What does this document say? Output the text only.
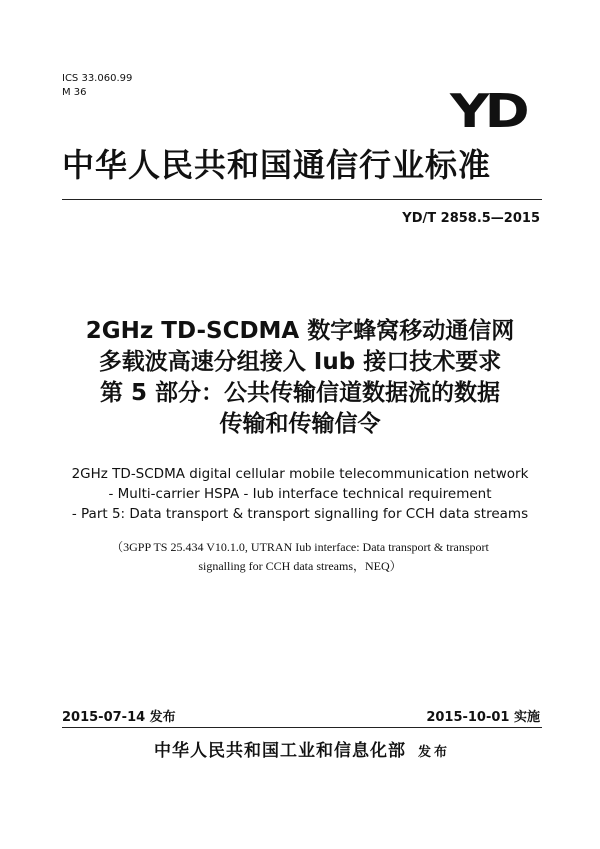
ICS 33.060.99
M 36	YD
中华人民共和国通信行业标准
YD/T 2858.5—2015
2GHz TD-SCDMA 数字蜂窝移动通信网
多载波高速分组接入 Iub 接口技术要求
第 5 部分：公共传输信道数据流的数据
传输和传输信令
2GHz TD-SCDMA digital cellular mobile telecommunication network
- Multi-carrier HSPA - Iub interface technical requirement
- Part 5: Data transport & transport signalling for CCH data streams
（3GPP TS 25.434 V10.1.0, UTRAN Iub interface: Data transport & transport
signalling for CCH data streams，NEQ）
2015-07-14 发布	2015-10-01 实施
中华人民共和国工业和信息化部 发布
